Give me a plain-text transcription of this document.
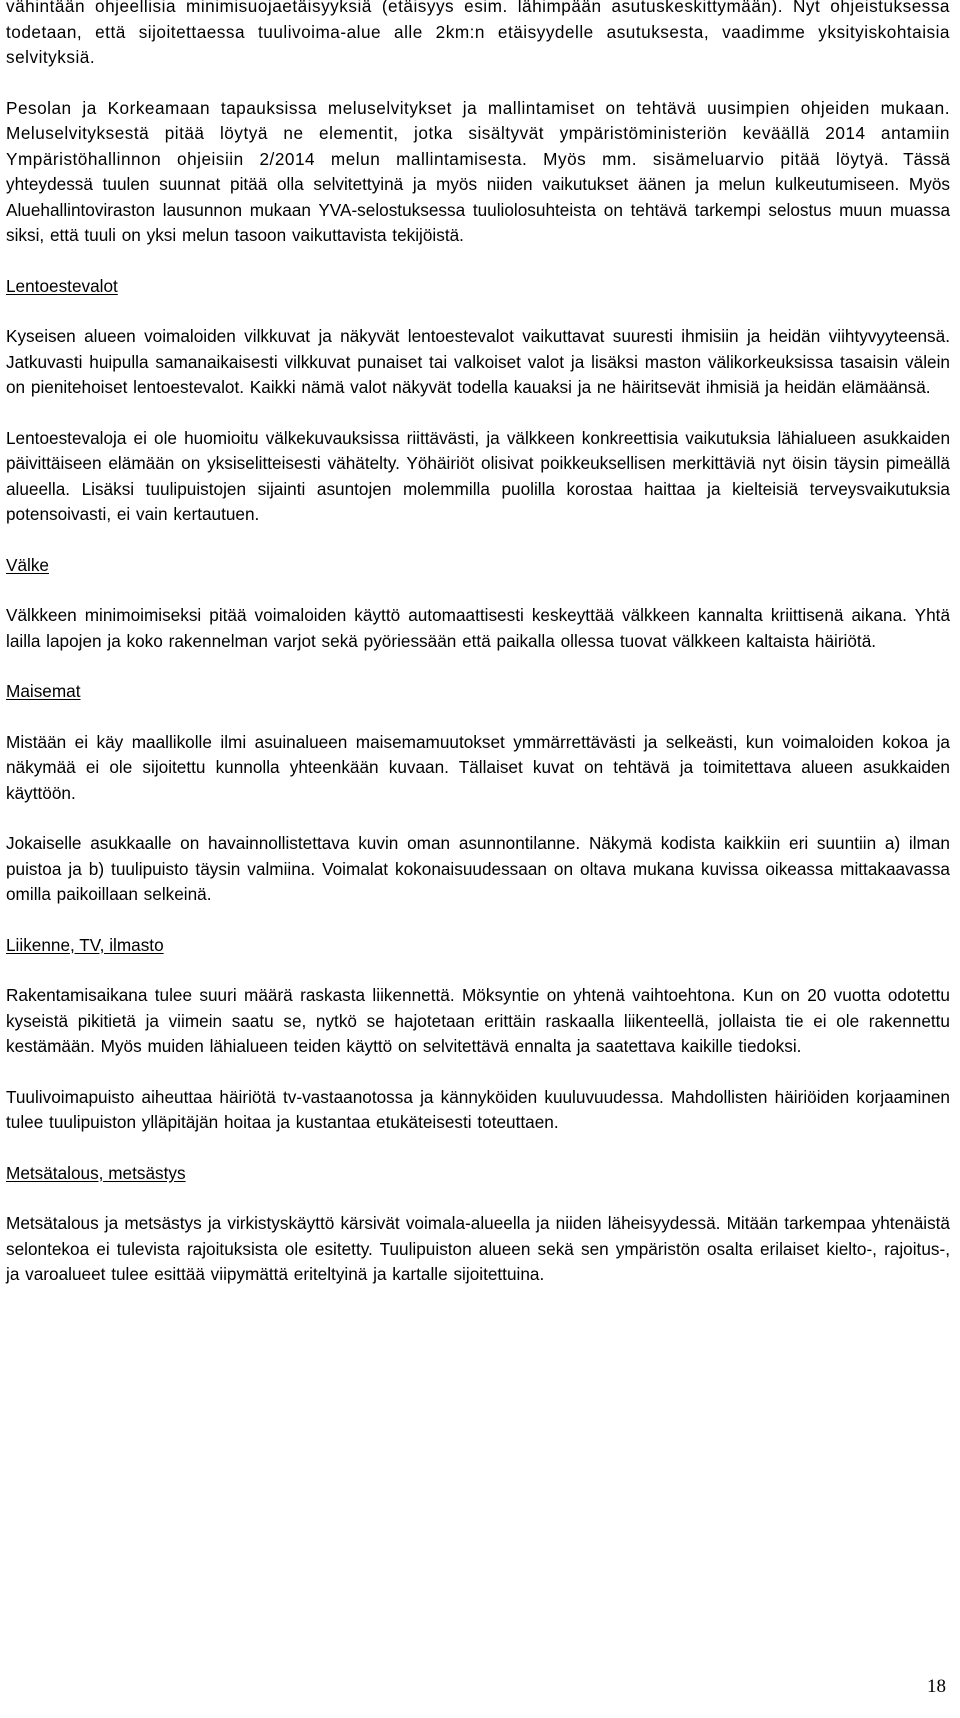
vähintään ohjeellisia minimisuojaetäisyyksiä (etäisyys esim. lähimpään asutuskeskittymään). Nyt ohjeistuksessa todetaan, että sijoitettaessa tuulivoima-alue alle 2km:n etäisyydelle asutuksesta, vaadimme yksityiskohtaisia selvityksiä.

Pesolan ja Korkeamaan tapauksissa meluselvitykset ja mallintamiset on tehtävä uusimpien ohjeiden mukaan. Meluselvityksestä pitää löytyä ne elementit, jotka sisältyvät ympäristöministeriön keväällä 2014 antamiin Ympäristöhallinnon ohjeisiin 2/2014 melun mallintamisesta. Myös mm. sisämeluarvio pitää löytyä. Tässä yhteydessä tuulen suunnat pitää olla selvitettyinä ja myös niiden vaikutukset äänen ja melun kulkeutumiseen. Myös Aluehallintoviraston lausunnon mukaan YVA-selostuksessa tuuliolosuhteista on tehtävä tarkempi selostus muun muassa siksi, että tuuli on yksi melun tasoon vaikuttavista tekijöistä.

Lentoestevalot

Kyseisen alueen voimaloiden vilkkuvat ja näkyvät lentoestevalot vaikuttavat suuresti ihmisiin ja heidän viihtyvyyteensä. Jatkuvasti huipulla samanaikaisesti vilkkuvat punaiset tai valkoiset valot ja lisäksi maston välikorkeuksissa tasaisin välein on pienitehoiset lentoestevalot. Kaikki nämä valot näkyvät todella kauaksi ja ne häiritsevät ihmisiä ja heidän elämäänsä.

Lentoestevaloja ei ole huomioitu välkekuvauksissa riittävästi, ja välkkeen konkreettisia vaikutuksia lähialueen asukkaiden päivittäiseen elämään on yksiselitteisesti vähätelty. Yöhäiriöt olisivat poikkeuksellisen merkittäviä nyt öisin täysin pimeällä alueella. Lisäksi tuulipuistojen sijainti asuntojen molemmilla puolilla korostaa haittaa ja kielteisiä terveysvaikutuksia potensoivasti, ei vain kertautuen.

Välke

Välkkeen minimoimiseksi pitää voimaloiden käyttö automaattisesti keskeyttää välkkeen kannalta kriittisenä aikana. Yhtä lailla lapojen ja koko rakennelman varjot sekä pyöriessään että paikalla ollessa tuovat välkkeen kaltaista häiriötä.

Maisemat

Mistään ei käy maallikolle ilmi asuinalueen maisemamuutokset ymmärrettävästi ja selkeästi, kun voimaloiden kokoa ja näkymää ei ole sijoitettu kunnolla yhteenkään kuvaan. Tällaiset kuvat on tehtävä ja toimitettava alueen asukkaiden käyttöön.

Jokaiselle asukkaalle on havainnollistettava kuvin oman asunnontilanne. Näkymä kodista kaikkiin eri suuntiin a) ilman puistoa ja b) tuulipuisto täysin valmiina. Voimalat kokonaisuudessaan on oltava mukana kuvissa oikeassa mittakaavassa omilla paikoillaan selkeinä.

Liikenne, TV, ilmasto

Rakentamisaikana tulee suuri määrä raskasta liikennettä. Möksyntie on yhtenä vaihtoehtona. Kun on 20 vuotta odotettu kyseistä pikitietä ja viimein saatu se, nytkö se hajotetaan erittäin raskaalla liikenteellä, jollaista tie ei ole rakennettu kestämään. Myös muiden lähialueen teiden käyttö on selvitettävä ennalta ja saatettava kaikille tiedoksi.

Tuulivoimapuisto aiheuttaa häiriötä tv-vastaanotossa ja kännyköiden kuuluvuudessa. Mahdollisten häiriöiden korjaaminen tulee tuulipuiston ylläpitäjän hoitaa ja kustantaa etukäteisesti toteuttaen.

Metsätalous, metsästys

Metsätalous ja metsästys ja virkistyskäyttö kärsivät voimala-alueella ja niiden läheisyydessä. Mitään tarkempaa yhtenäistä selontekoa ei tulevista rajoituksista ole esitetty. Tuulipuiston alueen sekä sen ympäristön osalta erilaiset kielto-, rajoitus-, ja varoalueet tulee esittää viipymättä eriteltyinä ja kartalle sijoitettuina.

18
